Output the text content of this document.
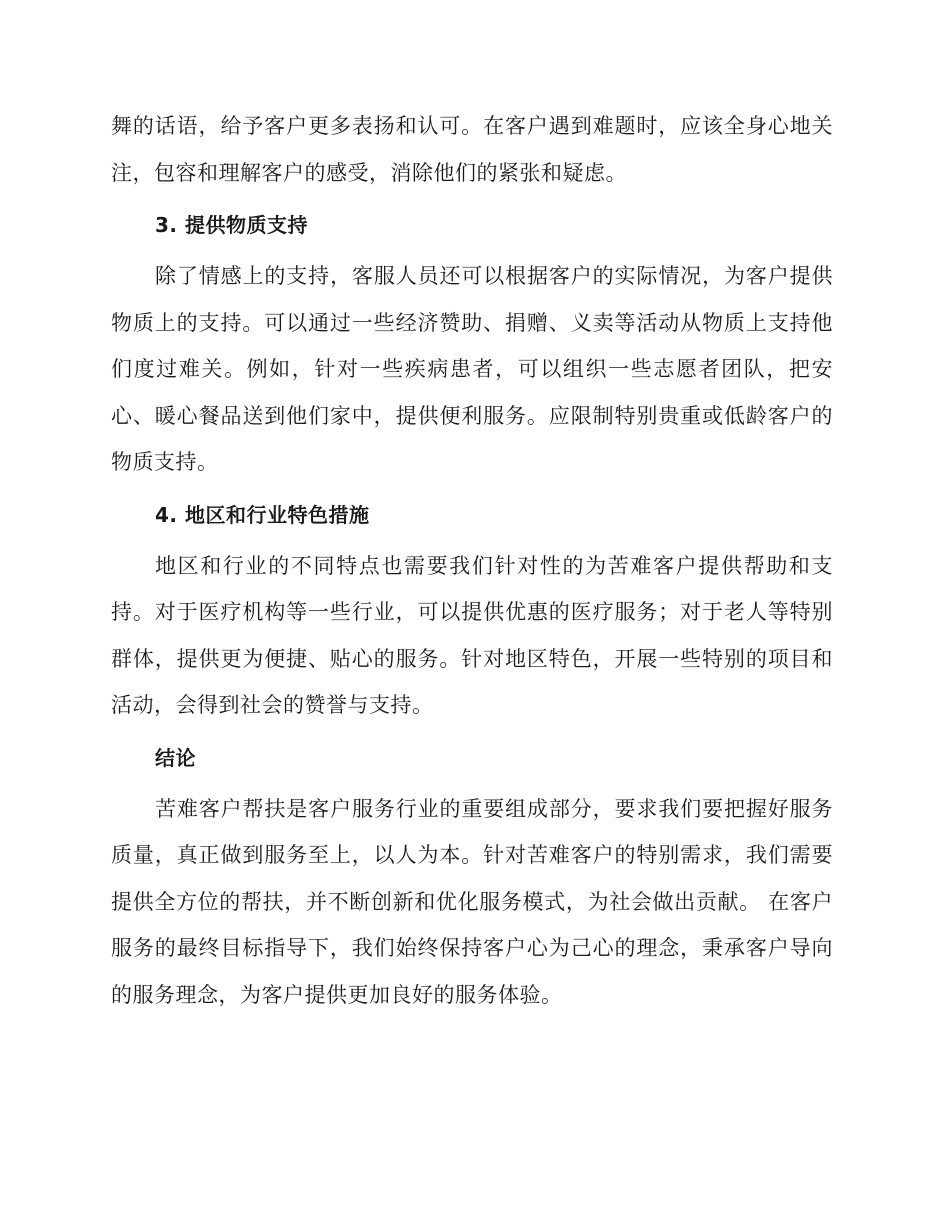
舞的话语，给予客户更多表扬和认可。在客户遇到难题时，应该全身心地关注，包容和理解客户的感受，消除他们的紧张和疑虑。

3. 提供物质支持

除了情感上的支持，客服人员还可以根据客户的实际情况，为客户提供物质上的支持。可以通过一些经济赞助、捐赠、义卖等活动从物质上支持他们度过难关。例如，针对一些疾病患者，可以组织一些志愿者团队，把安心、暖心餐品送到他们家中，提供便利服务。应限制特别贵重或低龄客户的物质支持。

4. 地区和行业特色措施

地区和行业的不同特点也需要我们针对性的为苦难客户提供帮助和支持。对于医疗机构等一些行业，可以提供优惠的医疗服务；对于老人等特别群体，提供更为便捷、贴心的服务。针对地区特色，开展一些特别的项目和活动，会得到社会的赞誉与支持。

结论

苦难客户帮扶是客户服务行业的重要组成部分，要求我们要把握好服务质量，真正做到服务至上，以人为本。针对苦难客户的特别需求，我们需要提供全方位的帮扶，并不断创新和优化服务模式，为社会做出贡献。 在客户服务的最终目标指导下，我们始终保持客户心为己心的理念，秉承客户导向的服务理念，为客户提供更加良好的服务体验。
